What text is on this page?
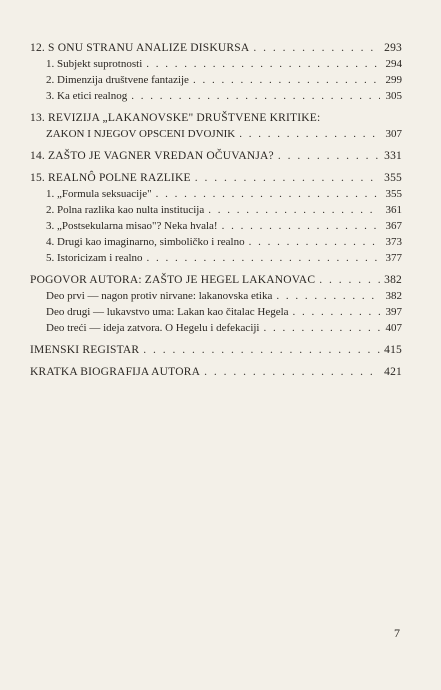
12. S ONU STRANU ANALIZE DISKURSA . . .	293
1. Subjekt suprotnosti . . .	294
2. Dimenzija društvene fantazije . . .	299
3. Ka etici realnog . . .	305
13. REVIZIJA „LAKANOVSKE" DRUŠTVENE KRITIKE:
ZAKON I NJEGOV OPSCENI DVOJNIK . . .	307
14. ZAŠTO JE VAGNER VREDAN OČUVANJA? . . .	331
15. REALNÔ POLNE RAZLIKE . . .	355
1. „Formula seksuacije" . . .	355
2. Polna razlika kao nulta institucija . . .	361
3. „Postsekularna misao"? Neka hvala! . . .	367
4. Drugi kao imaginarno, simboličko i realno . . .	373
5. Istoricizam i realno . . .	377
POGOVOR AUTORA: ZAŠTO JE HEGEL LAKANOVAC . . .	382
Deo prvi — nagon protiv nirvane: lakanovska etika . . .	382
Deo drugi — lukavstvo uma: Lakan kao čitalac Hegela . . .	397
Deo treći — ideja zatvora. O Hegelu i defekaciji . . .	407
IMENSKI REGISTAR . . .	415
KRATKA BIOGRAFIJA AUTORA . . .	421
7
